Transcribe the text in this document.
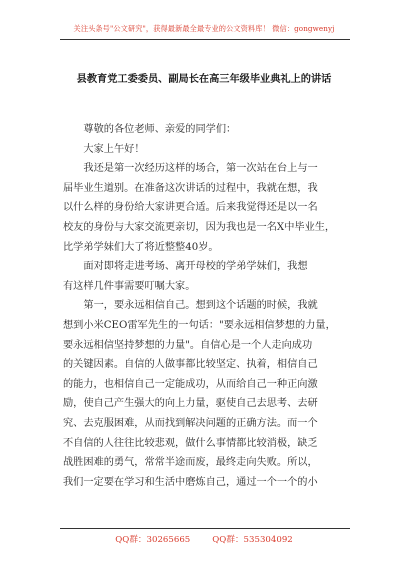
关注头条号"公文研究"，获得最新最全最专业的公文资料库！ 微信：gongwenyj
县教育党工委委员、副局长在高三年级毕业典礼上的讲话

尊敬的各位老师、亲爱的同学们：

大家上午好！

我还是第一次经历这样的场合，第一次站在台上与一
届毕业生道别。在准备这次讲话的过程中，我就在想，我
以什么样的身份给大家讲更合适。后来我觉得还是以一名
校友的身份与大家交流更亲切，因为我也是一名X中毕业生，
比学弟学妹们大了将近整整40岁。

面对即将走进考场、离开母校的学弟学妹们，我想
有这样几件事需要叮嘱大家。

第一，要永远相信自己。想到这个话题的时候，我就
想到小米CEO雷军先生的一句话："要永远相信梦想的力量，
要永远相信坚持梦想的力量"。自信心是一个人走向成功
的关键因素。自信的人做事都比较坚定、执着，相信自己
的能力，也相信自己一定能成功，从而给自己一种正向激
励，使自己产生强大的向上力量，驱使自己去思考、去研
究、去克服困难，从而找到解决问题的正确方法。而一个
不自信的人往往比较悲观，做什么事情都比较消极，缺乏
战胜困难的勇气，常常半途而废，最终走向失败。所以，
我们一定要在学习和生活中磨炼自己，通过一个一个的小

QQ群：30265665	QQ群：535304092
